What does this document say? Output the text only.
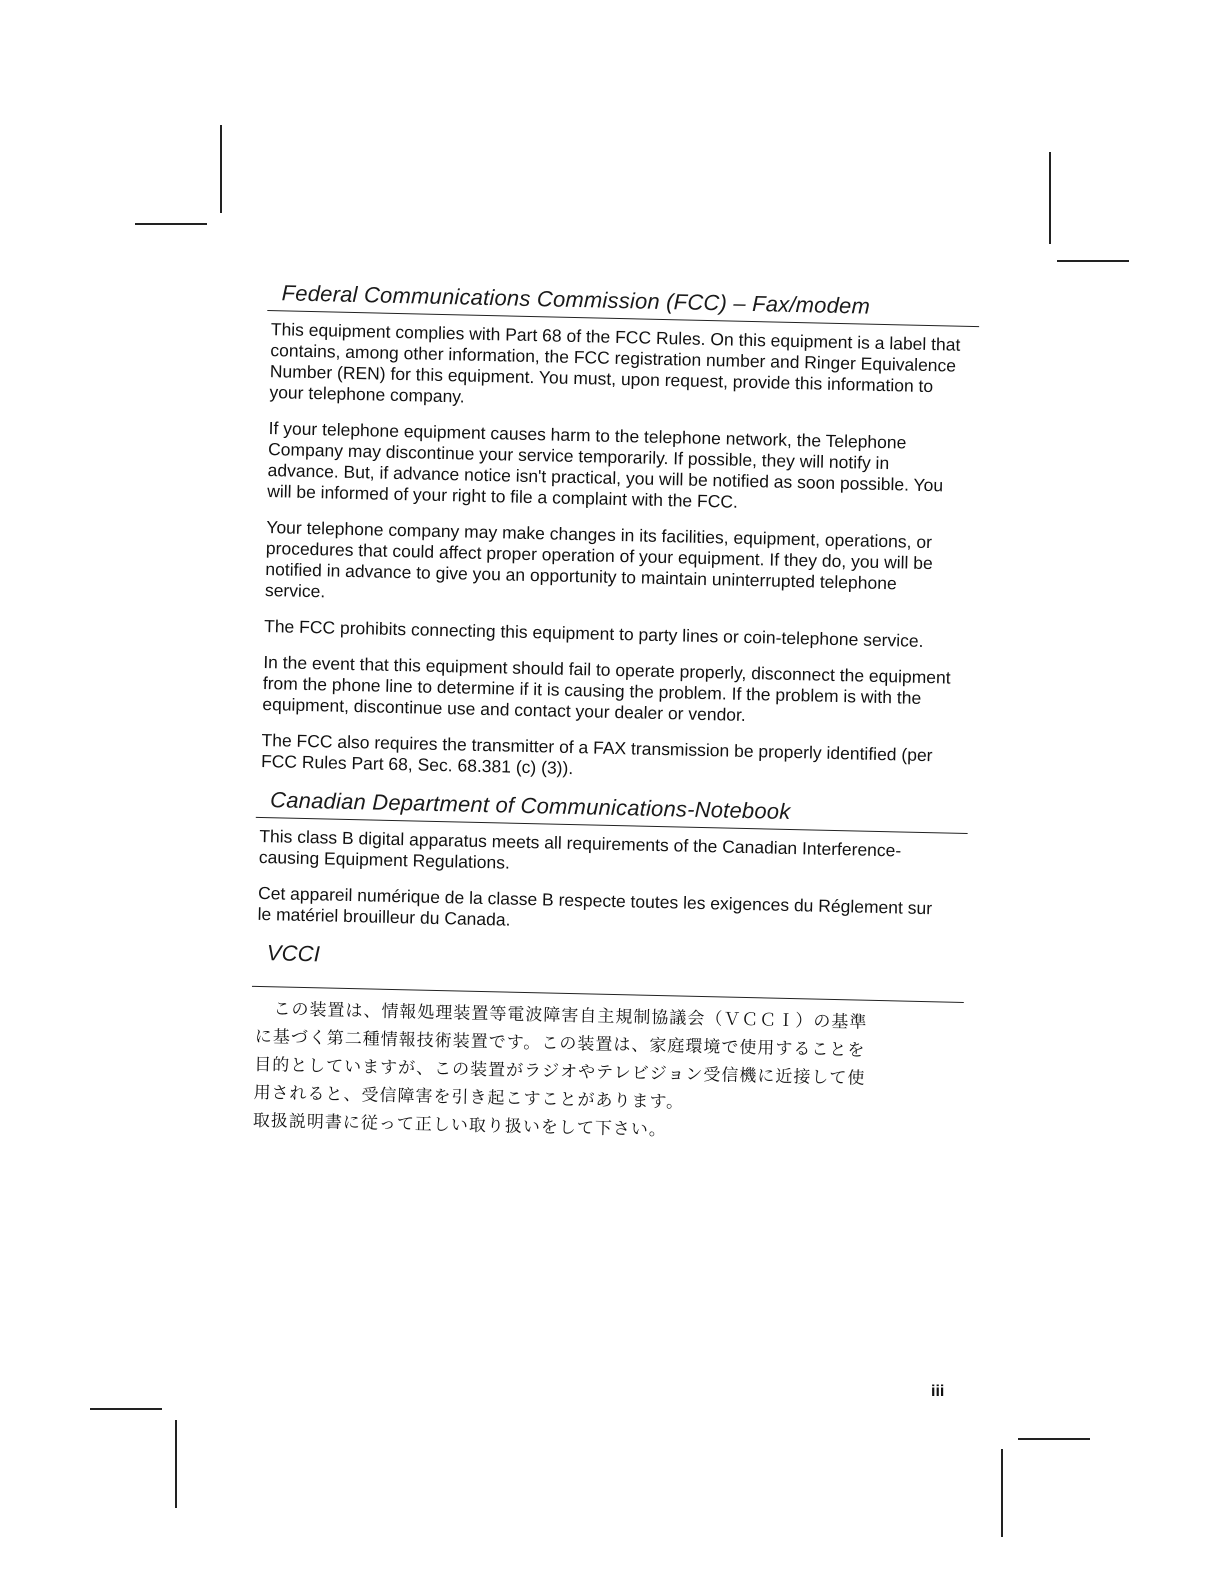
Federal Communications Commission (FCC) – Fax/modem

This equipment complies with Part 68 of the FCC Rules. On this equipment is a label that contains, among other information, the FCC registration number and Ringer Equivalence Number (REN) for this equipment. You must, upon request, provide this information to your telephone company.

If your telephone equipment causes harm to the telephone network, the Telephone Company may discontinue your service temporarily. If possible, they will notify in advance. But, if advance notice isn't practical, you will be notified as soon possible. You will be informed of your right to file a complaint with the FCC.

Your telephone company may make changes in its facilities, equipment, operations, or procedures that could affect proper operation of your equipment. If they do, you will be notified in advance to give you an opportunity to maintain uninterrupted telephone service.

The FCC prohibits connecting this equipment to party lines or coin-telephone service.

In the event that this equipment should fail to operate properly, disconnect the equipment from the phone line to determine if it is causing the problem. If the problem is with the equipment, discontinue use and contact your dealer or vendor.

The FCC also requires the transmitter of a FAX transmission be properly identified (per FCC Rules Part 68, Sec. 68.381 (c) (3)).

Canadian Department of Communications-Notebook

This class B digital apparatus meets all requirements of the Canadian Interference-causing Equipment Regulations.

Cet appareil numérique de la classe B respecte toutes les exigences du Réglement sur le matériel brouilleur du Canada.

VCCI
この装置は、情報処理装置等電波障害自主規制協議会（ＶＣＣＩ）の基準
に基づく第二種情報技術装置です。この装置は、家庭環境で使用することを
目的としていますが、この装置がラジオやテレビジョン受信機に近接して使
用されると、受信障害を引き起こすことがあります。
取扱説明書に従って正しい取り扱いをして下さい。
iii
